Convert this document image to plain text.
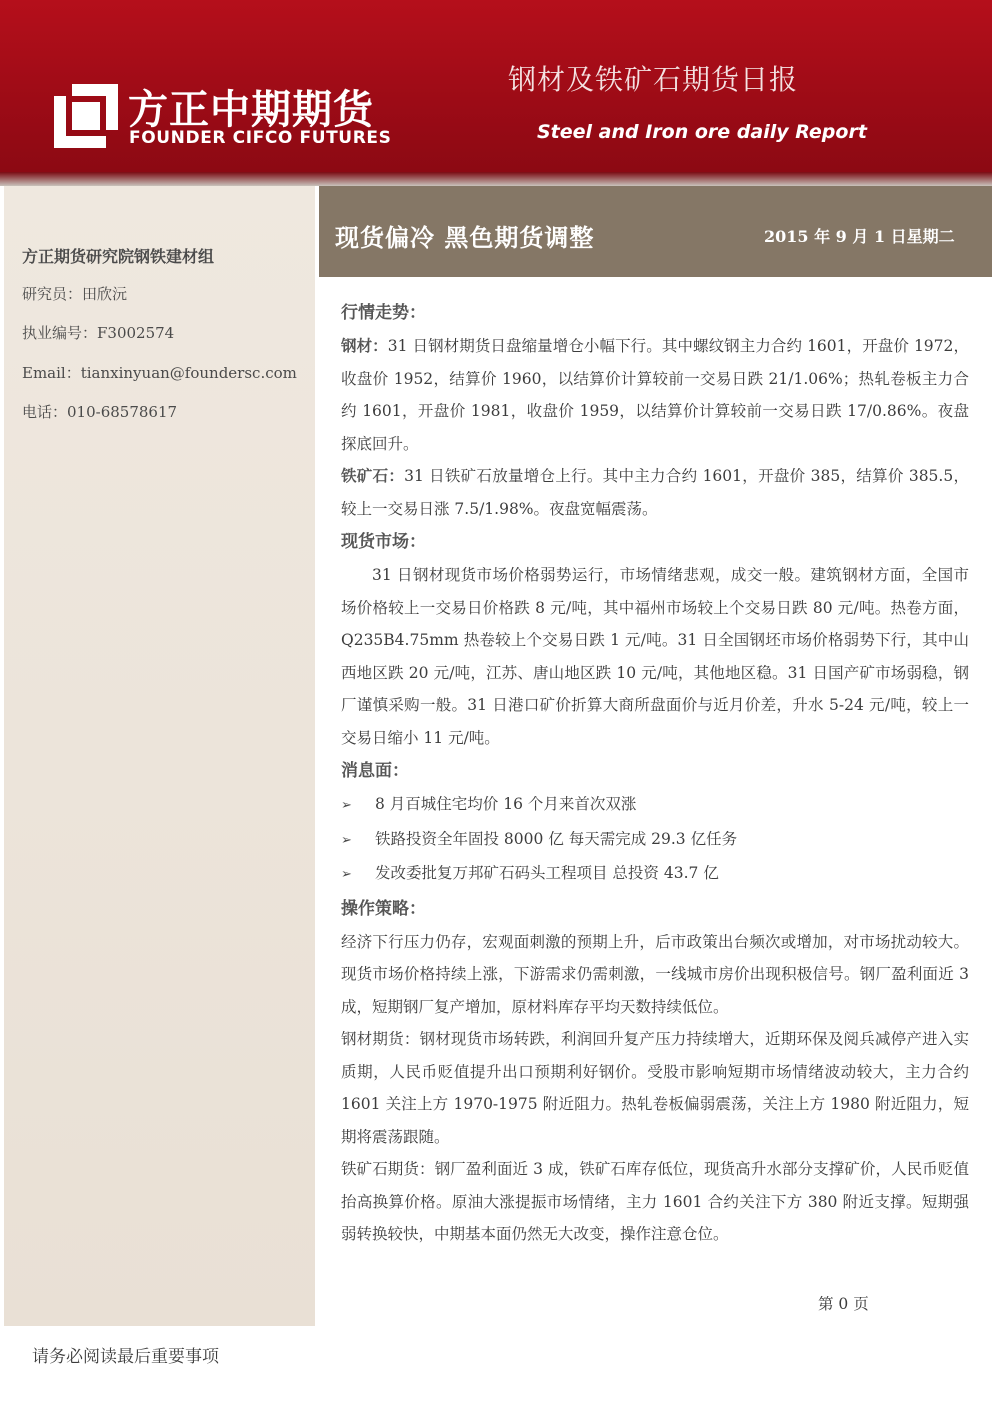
方正中期期货
FOUNDER CIFCO FUTURES
钢材及铁矿石期货日报
Steel and Iron ore daily Report
方正期货研究院钢铁建材组
研究员：田欣沅
执业编号：F3002574
Email：tianxinyuan@foundersc.com
电话：010-68578617
现货偏冷 黑色期货调整	2015 年 9 月 1 日星期二
行情走势：

钢材：31 日钢材期货日盘缩量增仓小幅下行。其中螺纹钢主力合约 1601，开盘价 1972，收盘价 1952，结算价 1960，以结算价计算较前一交易日跌 21/1.06%；热轧卷板主力合约 1601，开盘价 1981，收盘价 1959，以结算价计算较前一交易日跌 17/0.86%。夜盘探底回升。

铁矿石：31 日铁矿石放量增仓上行。其中主力合约 1601，开盘价 385，结算价 385.5，较上一交易日涨 7.5/1.98%。夜盘宽幅震荡。

现货市场：

31 日钢材现货市场价格弱势运行，市场情绪悲观，成交一般。建筑钢材方面，全国市场价格较上一交易日价格跌 8 元/吨，其中福州市场较上个交易日跌 80 元/吨。热卷方面，Q235B4.75mm 热卷较上个交易日跌 1 元/吨。31 日全国钢坯市场价格弱势下行，其中山西地区跌 20 元/吨，江苏、唐山地区跌 10 元/吨，其他地区稳。31 日国产矿市场弱稳，钢厂谨慎采购一般。31 日港口矿价折算大商所盘面价与近月价差，升水 5-24 元/吨，较上一交易日缩小 11 元/吨。

消息面：
➢	8 月百城住宅均价 16 个月来首次双涨
➢	铁路投资全年固投 8000 亿 每天需完成 29.3 亿任务
➢	发改委批复万邦矿石码头工程项目 总投资 43.7 亿
操作策略：

经济下行压力仍存，宏观面刺激的预期上升，后市政策出台频次或增加，对市场扰动较大。现货市场价格持续上涨，下游需求仍需刺激，一线城市房价出现积极信号。钢厂盈利面近 3 成，短期钢厂复产增加，原材料库存平均天数持续低位。

钢材期货：钢材现货市场转跌，利润回升复产压力持续增大，近期环保及阅兵减停产进入实质期，人民币贬值提升出口预期利好钢价。受股市影响短期市场情绪波动较大，主力合约 1601 关注上方 1970-1975 附近阻力。热轧卷板偏弱震荡，关注上方 1980 附近阻力，短期将震荡跟随。

铁矿石期货：钢厂盈利面近 3 成，铁矿石库存低位，现货高升水部分支撑矿价，人民币贬值抬高换算价格。原油大涨提振市场情绪，主力 1601 合约关注下方 380 附近支撑。短期强弱转换较快，中期基本面仍然无大改变，操作注意仓位。

第 0 页
请务必阅读最后重要事项
